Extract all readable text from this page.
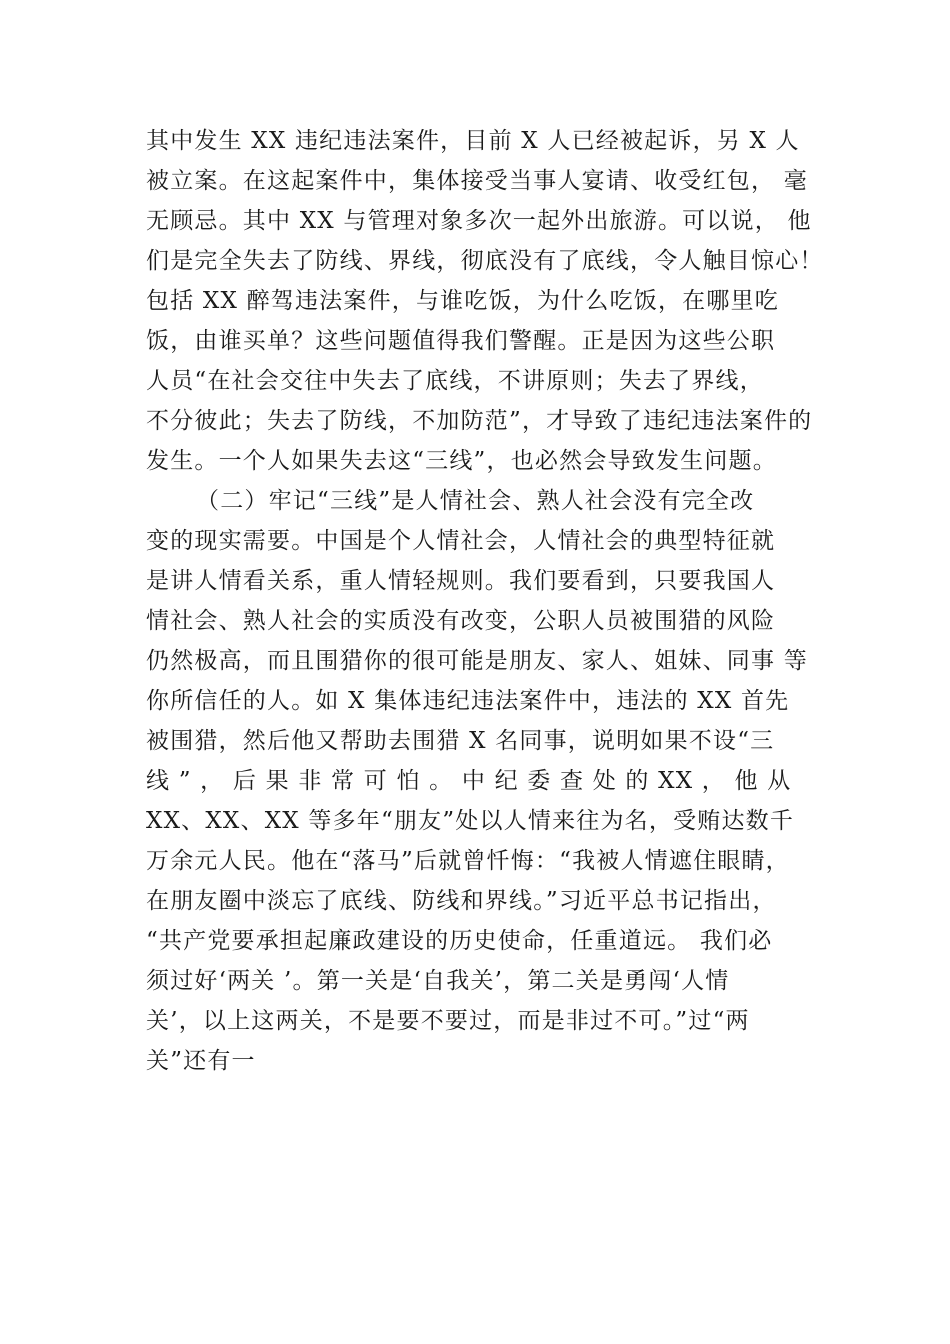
其中发生 XX 违纪违法案件，目前 X 人已经被起诉，另 X 人
被立案。在这起案件中，集体接受当事人宴请、收受红包， 毫
无顾忌。其中 XX 与管理对象多次一起外出旅游。可以说， 他
们是完全失去了防线、界线，彻底没有了底线，令人触目惊心！
包括 XX 醉驾违法案件，与谁吃饭，为什么吃饭，在哪里吃
饭，由谁买单？这些问题值得我们警醒。正是因为这些公职
人员“在社会交往中失去了底线，不讲原则；失去了界线，
不分彼此；失去了防线，不加防范”，才导致了违纪违法案件的
发生。一个人如果失去这“三线”，也必然会导致发生问题。
（二）牢记“三线”是人情社会、熟人社会没有完全改
变的现实需要。中国是个人情社会，人情社会的典型特征就
是讲人情看关系，重人情轻规则。我们要看到，只要我国人
情社会、熟人社会的实质没有改变，公职人员被围猎的风险
仍然极高，而且围猎你的很可能是朋友、家人、姐妹、同事 等
你所信任的人。如 X 集体违纪违法案件中，违法的 XX 首先
被围猎，然后他又帮助去围猎 X 名同事，说明如果不设“三
线 ” ， 后 果 非 常 可 怕 。 中 纪 委 查 处 的 XX ， 他 从
XX、XX、XX 等多年“朋友”处以人情来往为名，受贿达数千
万余元人民。他在“落马”后就曾忏悔：“我被人情遮住眼睛，
在朋友圈中淡忘了底线、防线和界线。”习近平总书记指出，
“共产党要承担起廉政建设的历史使命，任重道远。 我们必
须过好‘两关 ’。第一关是‘自我关’，第二关是勇闯‘人情
关’，以上这两关，不是要不要过，而是非过不可。”过“两
关”还有一
